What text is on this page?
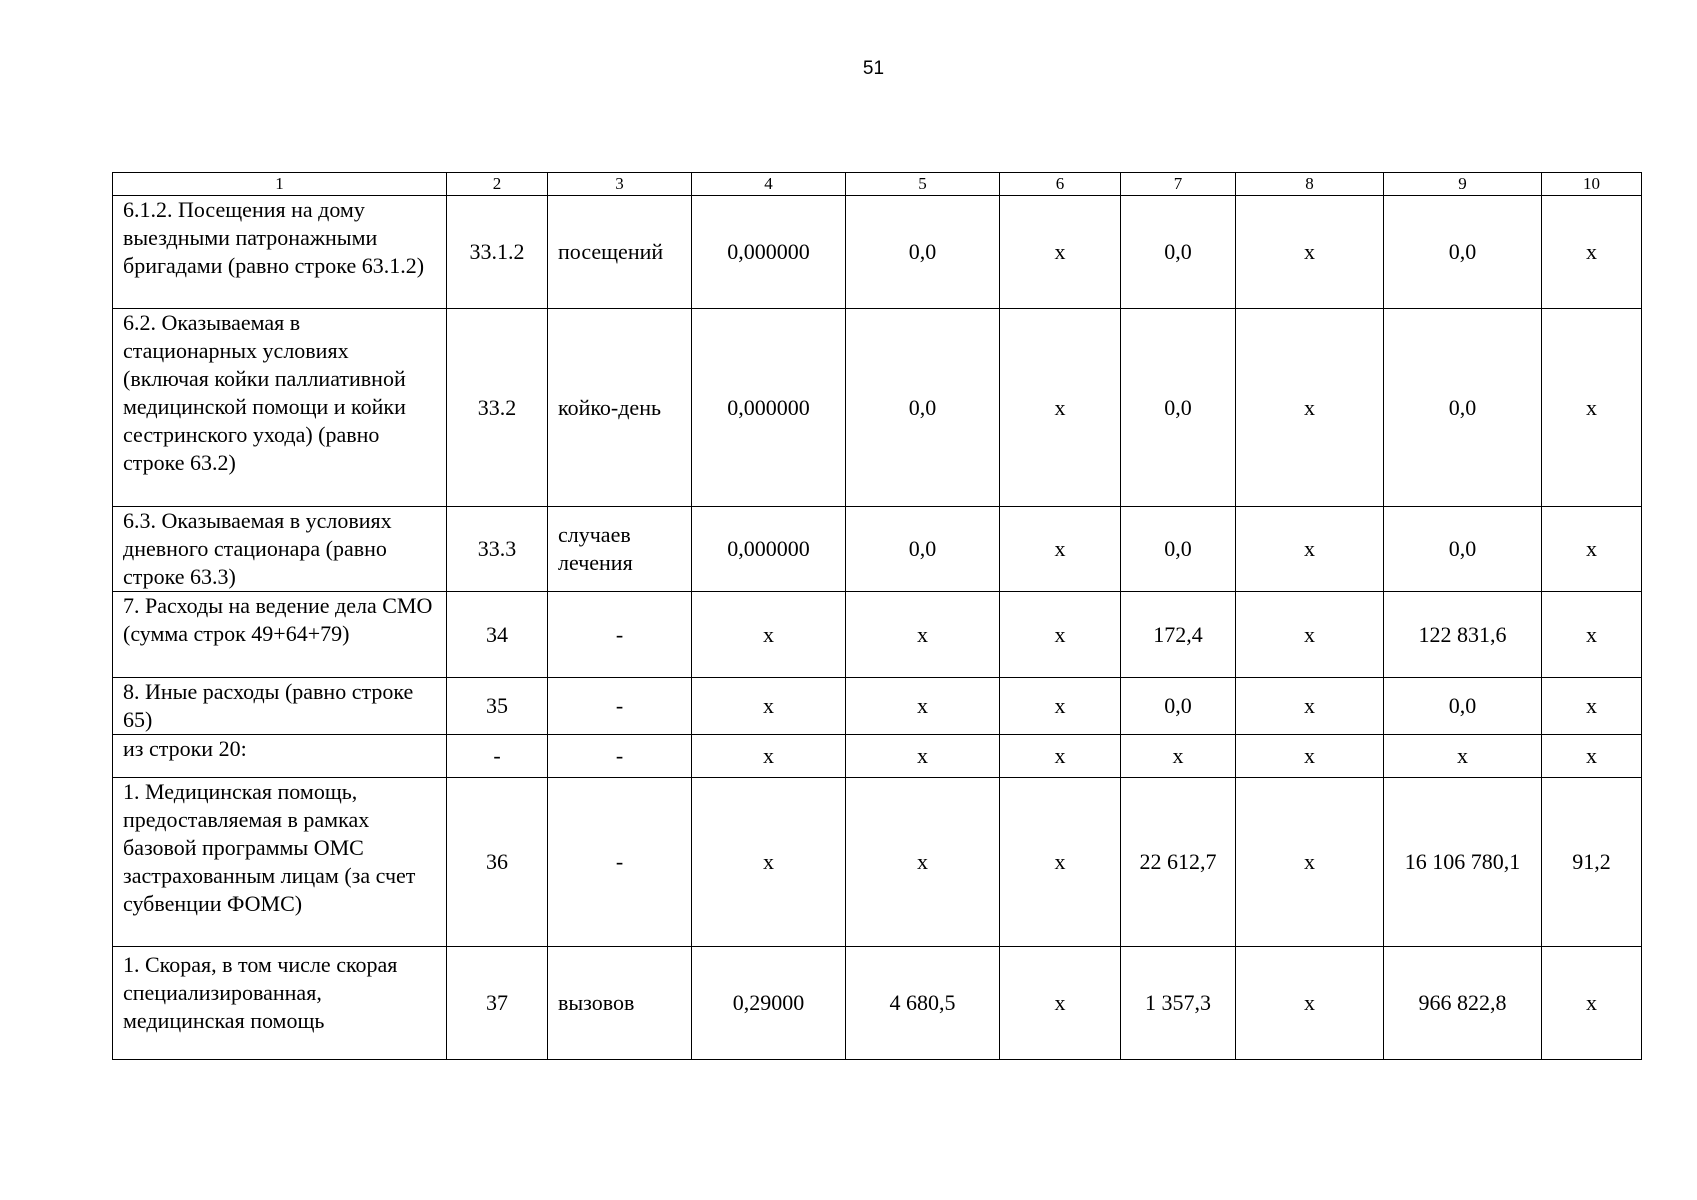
51
1	2	3	4	5	6	7	8	9	10
6.1.2. Посещения на дому выездными патронажными бригадами (равно строке 63.1.2)	33.1.2	посещений	0,000000	0,0	х	0,0	х	0,0	х
6.2. Оказываемая в стационарных условиях (включая койки паллиативной медицинской помощи и койки сестринского ухода) (равно строке 63.2)	33.2	койко-день	0,000000	0,0	х	0,0	х	0,0	х
6.3. Оказываемая в условиях дневного стационара (равно строке 63.3)	33.3	случаев лечения	0,000000	0,0	х	0,0	х	0,0	х
7. Расходы на ведение дела СМО (сумма строк 49+64+79)	34	-	х	х	х	172,4	х	122 831,6	х
8. Иные расходы (равно строке 65)	35	-	х	х	х	0,0	х	0,0	х
из строки 20:	-	-	х	х	х	х	х	х	х
1. Медицинская помощь, предоставляемая в рамках базовой программы ОМС застрахованным лицам (за счет субвенции ФОМС)	36	-	х	х	х	22 612,7	х	16 106 780,1	91,2
1. Скорая, в том числе скорая специализированная, медицинская помощь	37	вызовов	0,29000	4 680,5	х	1 357,3	х	966 822,8	х
